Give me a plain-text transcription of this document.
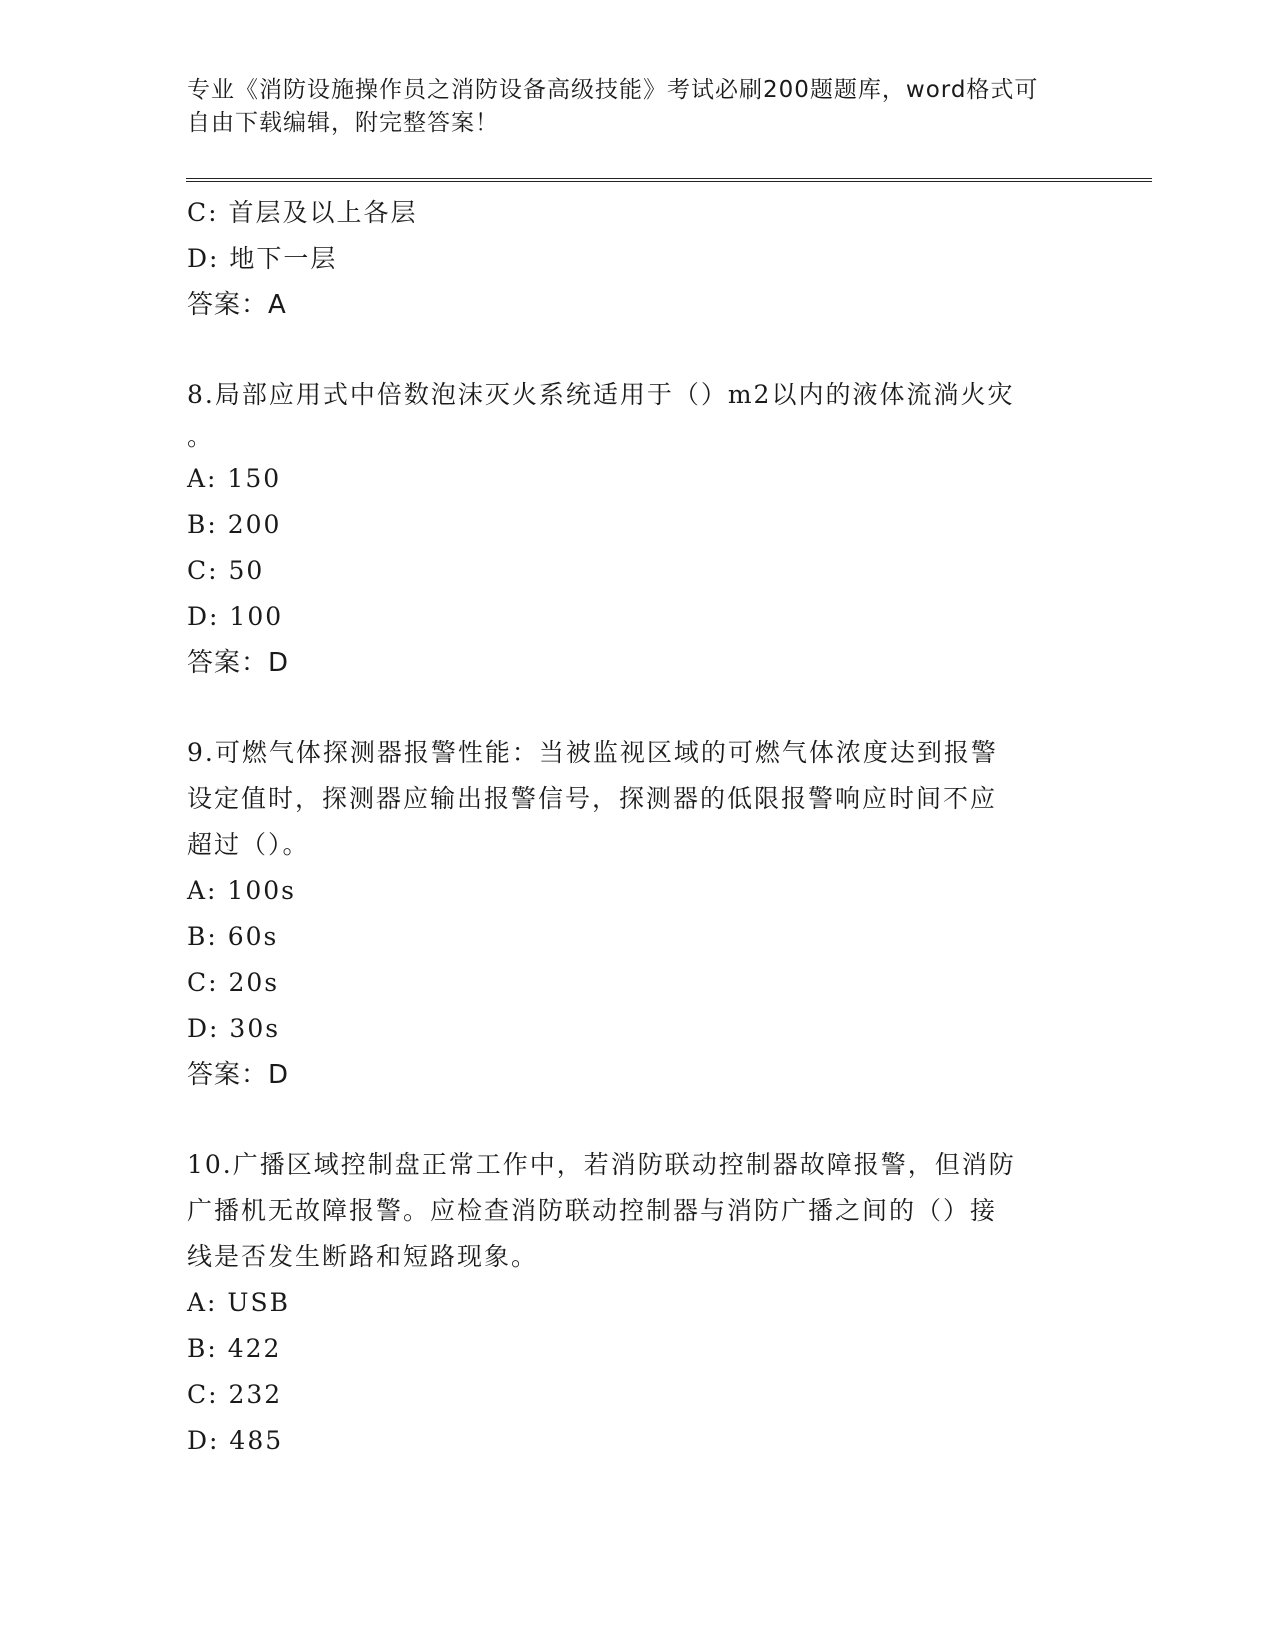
专业《消防设施操作员之消防设备高级技能》考试必刷200题题库，word格式可
自由下载编辑，附完整答案！
C: 首层及以上各层
D: 地下一层
答案：A
8.局部应用式中倍数泡沫灭火系统适用于（）m2以内的液体流淌火灾
。
A: 150
B: 200
C: 50
D: 100
答案：D
9.可燃气体探测器报警性能：当被监视区域的可燃气体浓度达到报警
设定值时，探测器应输出报警信号，探测器的低限报警响应时间不应
超过（）。
A: 100s
B: 60s
C: 20s
D: 30s
答案：D
10.广播区域控制盘正常工作中，若消防联动控制器故障报警，但消防
广播机无故障报警。应检查消防联动控制器与消防广播之间的（）接
线是否发生断路和短路现象。
A: USB
B: 422
C: 232
D: 485
